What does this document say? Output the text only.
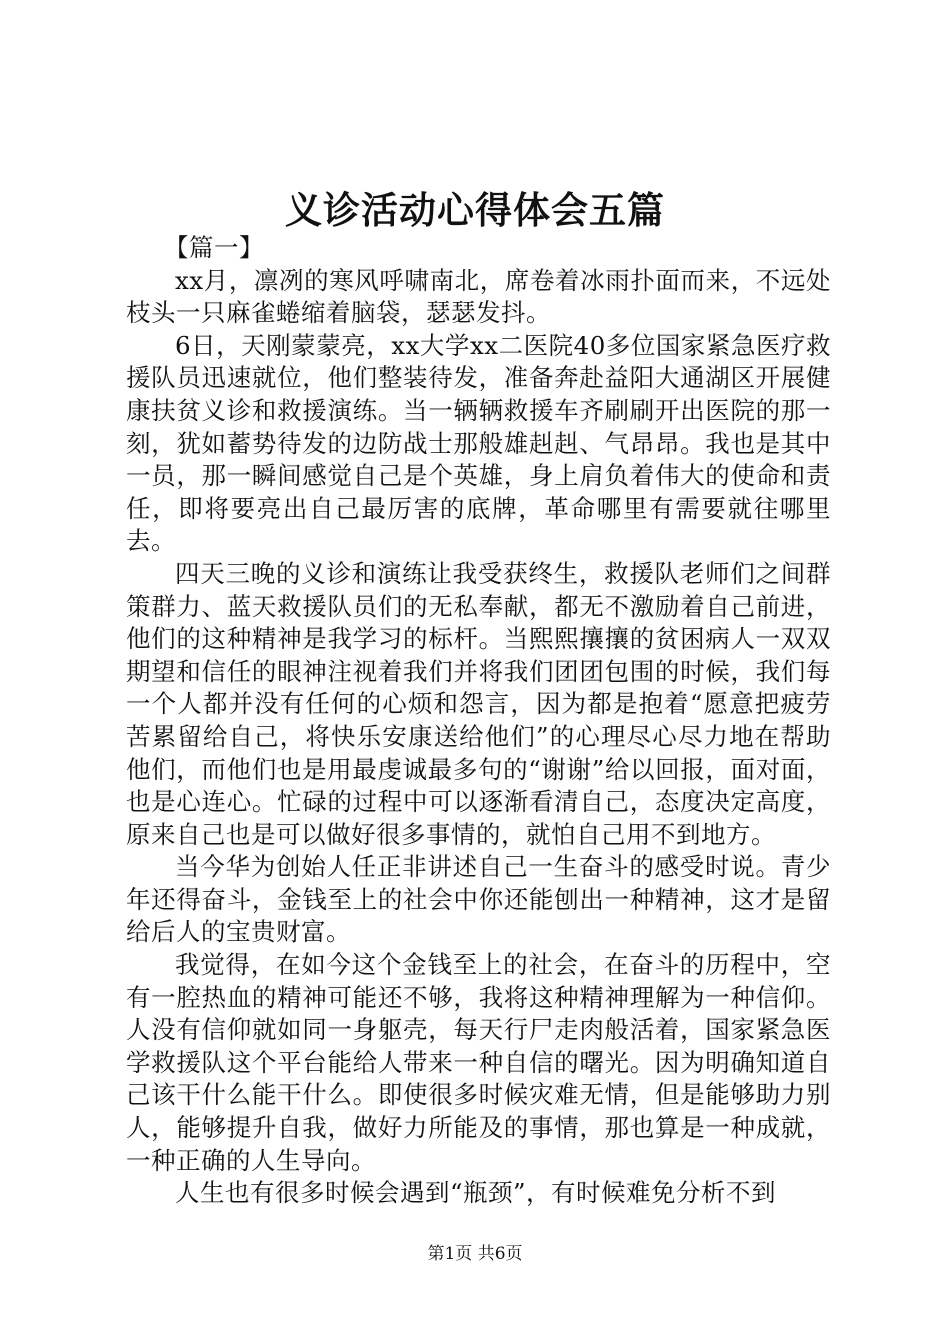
义诊活动心得体会五篇

【篇一】

xx月，凛冽的寒风呼啸南北，席卷着冰雨扑面而来，不远处枝头一只麻雀蜷缩着脑袋，瑟瑟发抖。

6日，天刚蒙蒙亮，xx大学xx二医院40多位国家紧急医疗救援队员迅速就位，他们整装待发，准备奔赴益阳大通湖区开展健康扶贫义诊和救援演练。当一辆辆救援车齐刷刷开出医院的那一刻，犹如蓄势待发的边防战士那般雄赳赳、气昂昂。我也是其中一员，那一瞬间感觉自己是个英雄，身上肩负着伟大的使命和责任，即将要亮出自己最厉害的底牌，革命哪里有需要就往哪里去。

四天三晚的义诊和演练让我受获终生，救援队老师们之间群策群力、蓝天救援队员们的无私奉献，都无不激励着自己前进，他们的这种精神是我学习的标杆。当熙熙攘攘的贫困病人一双双期望和信任的眼神注视着我们并将我们团团包围的时候，我们每一个人都并没有任何的心烦和怨言，因为都是抱着“愿意把疲劳苦累留给自己，将快乐安康送给他们”的心理尽心尽力地在帮助他们，而他们也是用最虔诚最多句的“谢谢”给以回报，面对面，也是心连心。忙碌的过程中可以逐渐看清自己，态度决定高度，原来自己也是可以做好很多事情的，就怕自己用不到地方。

当今华为创始人任正非讲述自己一生奋斗的感受时说。青少年还得奋斗，金钱至上的社会中你还能刨出一种精神，这才是留给后人的宝贵财富。

我觉得，在如今这个金钱至上的社会，在奋斗的历程中，空有一腔热血的精神可能还不够，我将这种精神理解为一种信仰。人没有信仰就如同一身躯壳，每天行尸走肉般活着，国家紧急医学救援队这个平台能给人带来一种自信的曙光。因为明确知道自己该干什么能干什么。即使很多时候灾难无情，但是能够助力别人，能够提升自我，做好力所能及的事情，那也算是一种成就，一种正确的人生导向。

人生也有很多时候会遇到“瓶颈”，有时候难免分析不到

第1页 共6页
